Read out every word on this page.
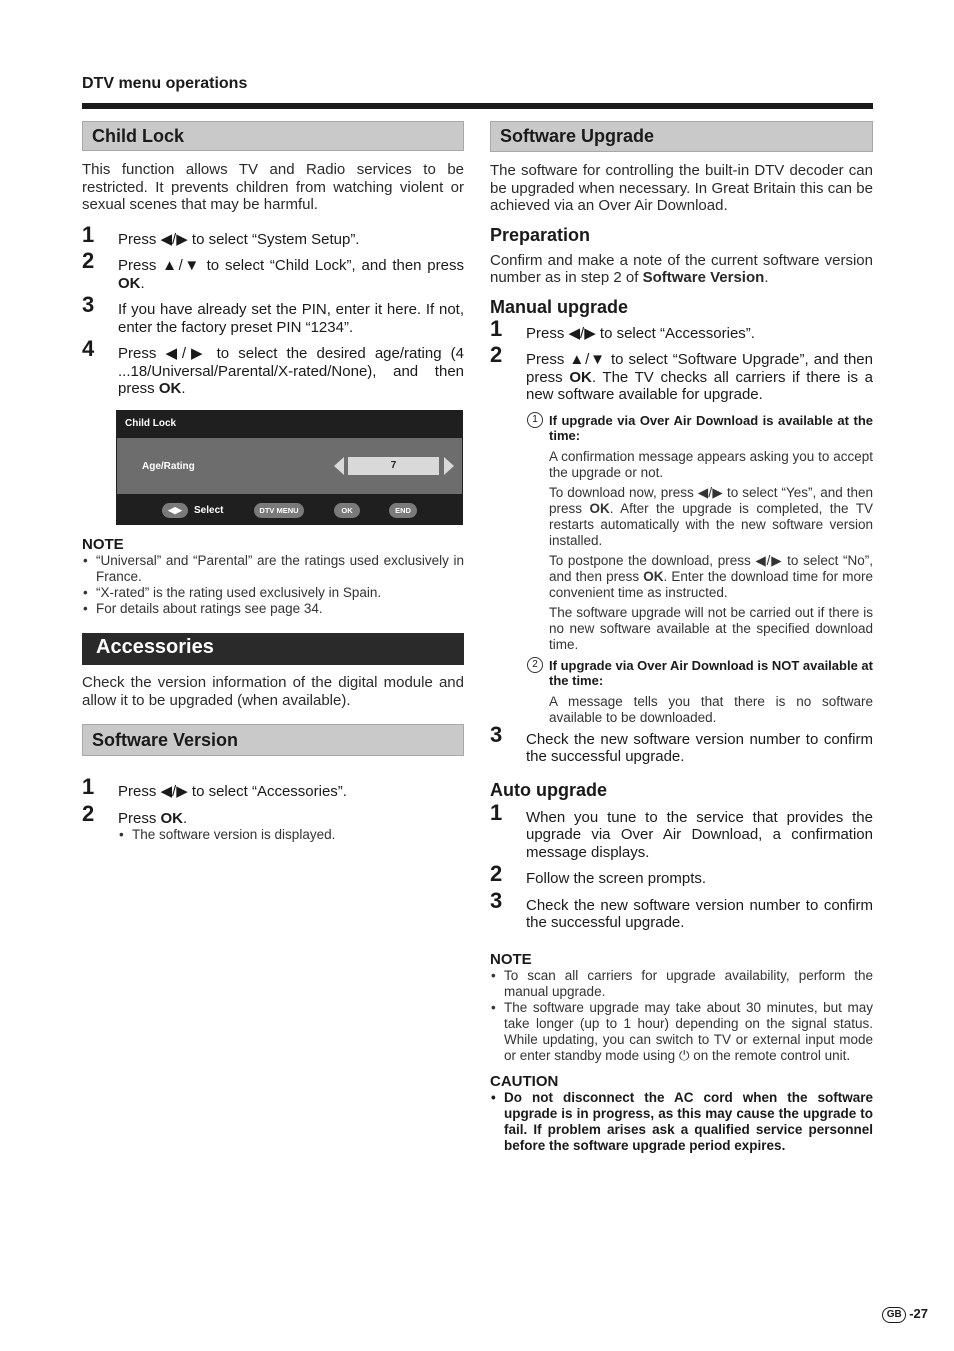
DTV menu operations
Child Lock
This function allows TV and Radio services to be restricted. It prevents children from watching violent or sexual scenes that may be harmful.
1 Press ◀/▶ to select “System Setup”.
2 Press ▲/▼ to select “Child Lock”, and then press OK.
3 If you have already set the PIN, enter it here. If not, enter the factory preset PIN “1234”.
4 Press ◀/▶ to select the desired age/rating (4 ...18/Universal/Parental/X-rated/None), and then press OK.
Child Lock
Age/Rating	7
◀▶	Select	DTV MENU	OK	END
NOTE
• “Universal” and “Parental” are the ratings used exclusively in France.
• “X-rated” is the rating used exclusively in Spain.
• For details about ratings see page 34.
Accessories
Check the version information of the digital module and allow it to be upgraded (when available).
Software Version
1 Press ◀/▶ to select “Accessories”.
2 Press OK.
• The software version is displayed.
Software Upgrade
The software for controlling the built-in DTV decoder can be upgraded when necessary. In Great Britain this can be achieved via an Over Air Download.
Preparation
Confirm and make a note of the current software version number as in step 2 of Software Version.
Manual upgrade
1 Press ◀/▶ to select “Accessories”.
2 Press ▲/▼ to select “Software Upgrade”, and then press OK. The TV checks all carriers if there is a new software available for upgrade.
1 If upgrade via Over Air Download is available at the time:
A confirmation message appears asking you to accept the upgrade or not.
To download now, press ◀/▶ to select “Yes”, and then press OK. After the upgrade is completed, the TV restarts automatically with the new software version installed.
To postpone the download, press ◀/▶ to select “No”, and then press OK. Enter the download time for more convenient time as instructed.
The software upgrade will not be carried out if there is no new software available at the specified download time.
2 If upgrade via Over Air Download is NOT available at the time:
A message tells you that there is no software available to be downloaded.
3 Check the new software version number to confirm the successful upgrade.
Auto upgrade
1 When you tune to the service that provides the upgrade via Over Air Download, a confirmation message displays.
2 Follow the screen prompts.
3 Check the new software version number to confirm the successful upgrade.
NOTE
• To scan all carriers for upgrade availability, perform the manual upgrade.
• The software upgrade may take about 30 minutes, but may take longer (up to 1 hour) depending on the signal status. While updating, you can switch to TV or external input mode or enter standby mode using ⏻ on the remote control unit.
CAUTION
• Do not disconnect the AC cord when the software upgrade is in progress, as this may cause the upgrade to fail. If problem arises ask a qualified service personnel before the software upgrade period expires.
GB -27
